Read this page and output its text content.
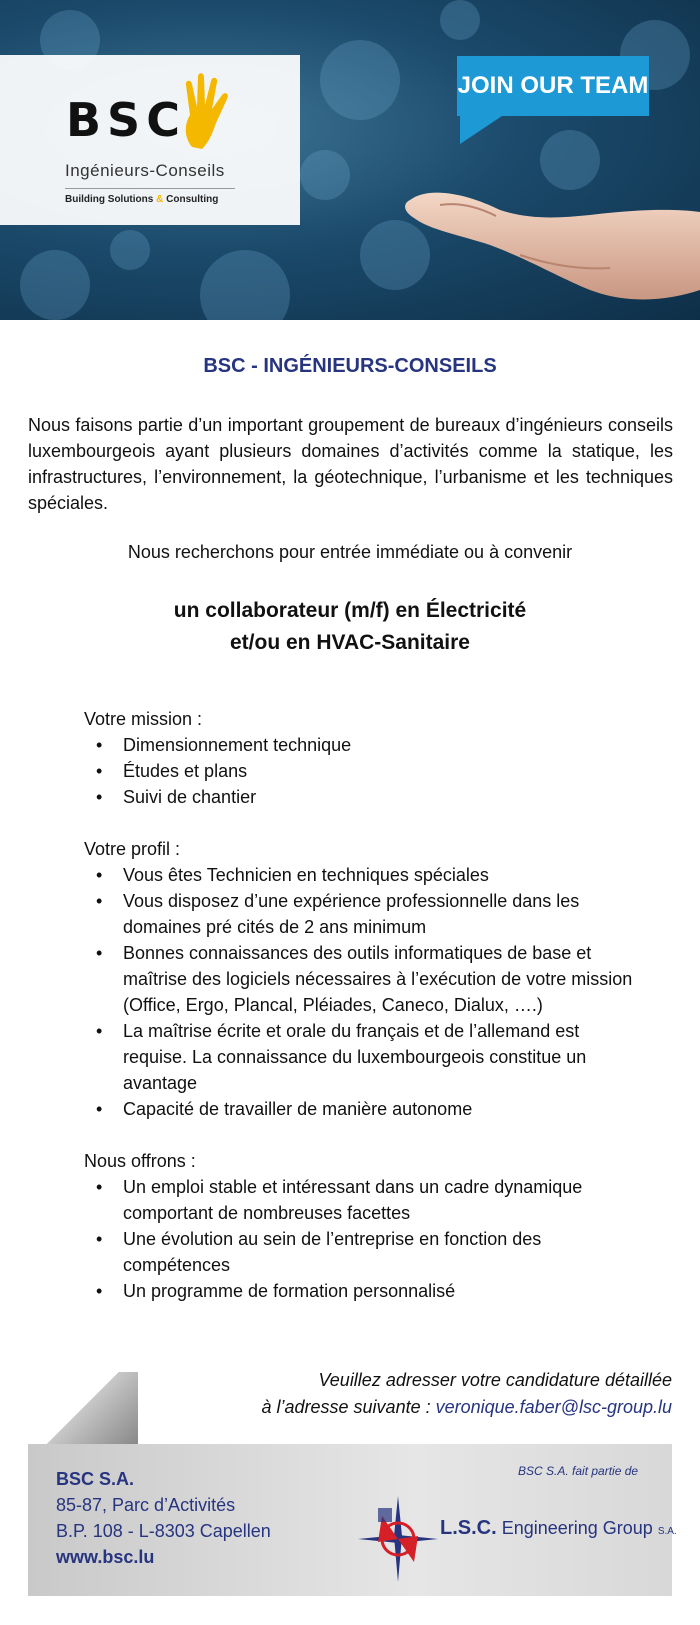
BSC
Ingénieurs-Conseils
Building Solutions & Consulting
JOIN OUR TEAM
BSC - INGÉNIEURS-CONSEILS
Nous faisons partie d’un important groupement de bureaux d’ingénieurs conseils luxembourgeois ayant plusieurs domaines d’activités comme la statique, les infrastructures, l’environnement, la géotechnique, l’urbanisme et les techniques spéciales.
Nous recherchons pour entrée immédiate ou à convenir
un collaborateur (m/f) en Électricité
et/ou en HVAC-Sanitaire
Votre mission :
• Dimensionnement technique
• Études et plans
• Suivi de chantier
Votre profil :
• Vous êtes Technicien en techniques spéciales
• Vous disposez d’une expérience professionnelle dans les domaines pré cités de 2 ans minimum
• Bonnes connaissances des outils informatiques de base et maîtrise des logiciels nécessaires à l’exécution de votre mission (Office, Ergo, Plancal, Pléiades, Caneco, Dialux, ….)
• La maîtrise écrite et orale du français et de l’allemand est requise. La connaissance du luxembourgeois constitue un avantage
• Capacité de travailler de manière autonome
Nous offrons :
• Un emploi stable et intéressant dans un cadre dynamique comportant de nombreuses facettes
• Une évolution au sein de l’entreprise en fonction des compétences
• Un programme de formation personnalisé
Veuillez adresser votre candidature détaillée
à l’adresse suivante : veronique.faber@lsc-group.lu
BSC S.A.
85-87, Parc d’Activités
B.P. 108 - L-8303 Capellen
www.bsc.lu
BSC S.A. fait partie de
L.S.C. Engineering Group S.A.
